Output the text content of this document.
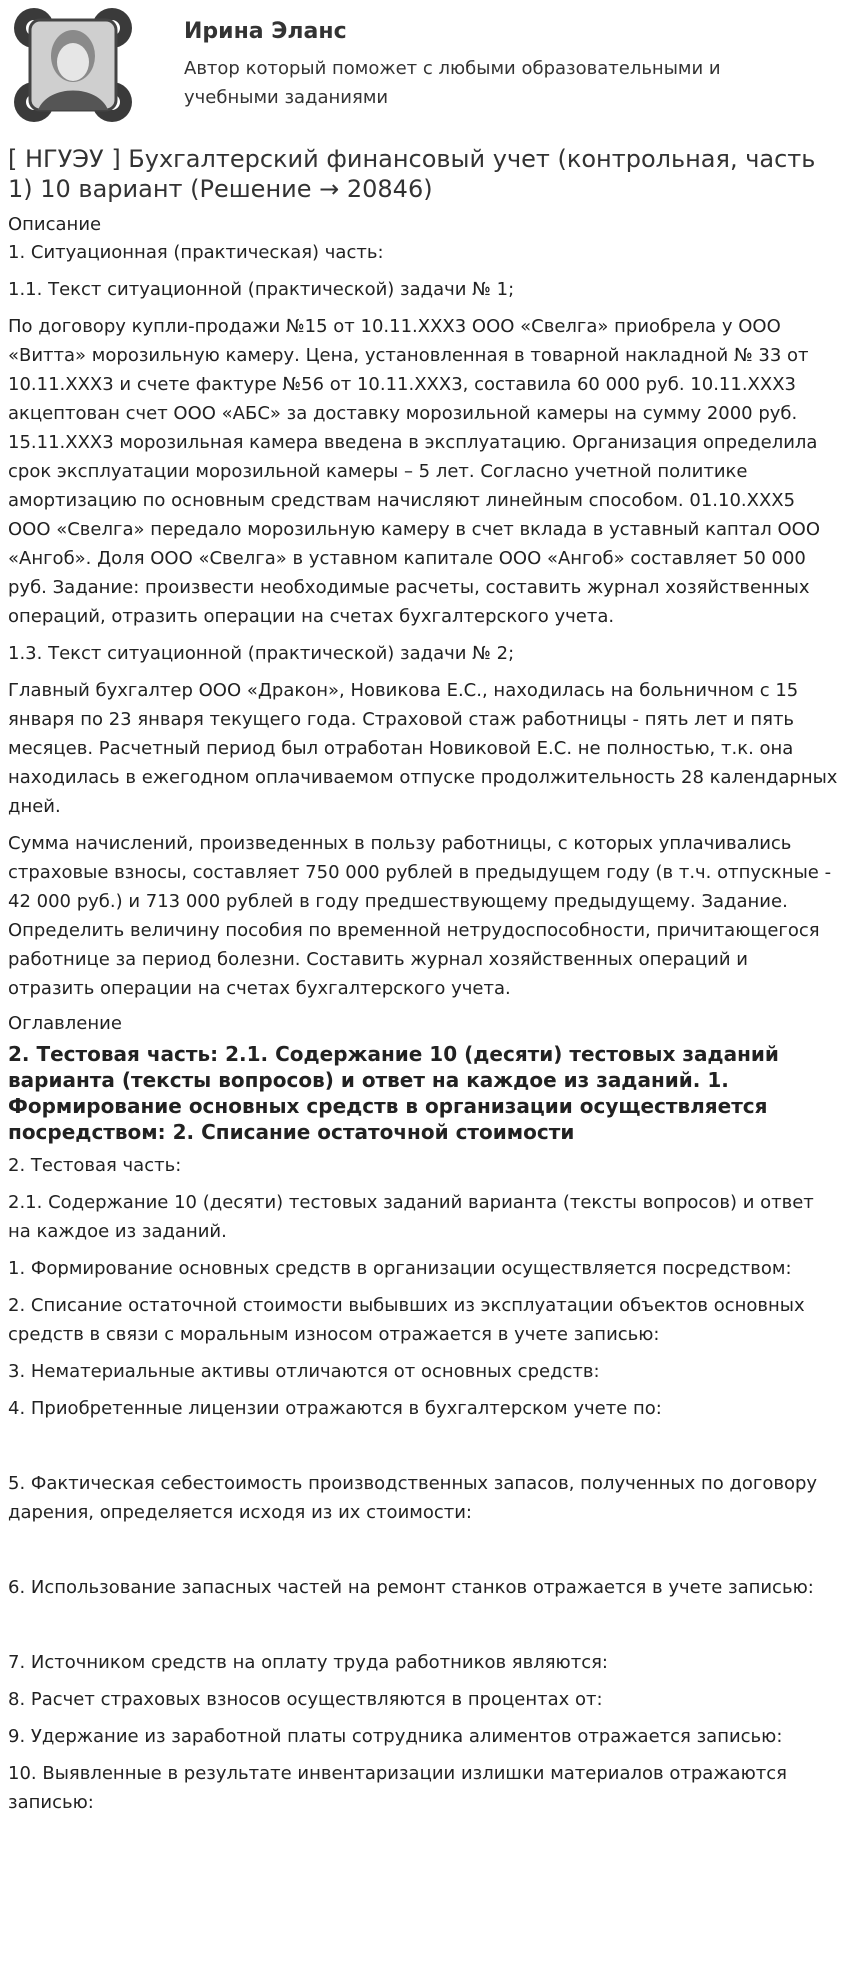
Ирина Эланс
Автор который поможет с любыми образовательными и учебными заданиями
[ НГУЭУ ] Бухгалтерский финансовый учет (контрольная, часть 1) 10 вариант (Решение → 20846)
Описание

1. Ситуационная (практическая) часть:

1.1. Текст ситуационной (практической) задачи № 1;

По договору купли-продажи №15 от 10.11.ХХХ3 ООО «Свелга» приобрела у ООО «Витта» морозильную камеру. Цена, установленная в товарной накладной № 33 от 10.11.ХХХ3 и счете фактуре №56 от 10.11.ХХХ3, составила 60 000 руб. 10.11.ХХХ3 акцептован счет ООО «АБС» за доставку морозильной камеры на сумму 2000 руб. 15.11.ХХХ3 морозильная камера введена в эксплуатацию. Организация определила срок эксплуатации морозильной камеры – 5 лет. Согласно учетной политике амортизацию по основным средствам начисляют линейным способом. 01.10.ХХХ5 ООО «Свелга» передало морозильную камеру в счет вклада в уставный каптал ООО «Ангоб». Доля ООО «Свелга» в уставном капитале ООО «Ангоб» составляет 50 000 руб. Задание: произвести необходимые расчеты, составить журнал хозяйственных операций, отразить операции на счетах бухгалтерского учета.

1.3. Текст ситуационной (практической) задачи № 2;

Главный бухгалтер ООО «Дракон», Новикова Е.С., находилась на больничном с 15 января по 23 января текущего года. Страховой стаж работницы - пять лет и пять месяцев. Расчетный период был отработан Новиковой Е.С. не полностью, т.к. она находилась в ежегодном оплачиваемом отпуске продолжительность 28 календарных дней.

Сумма начислений, произведенных в пользу работницы, с которых уплачивались страховые взносы, составляет 750 000 рублей в предыдущем году (в т.ч. отпускные - 42 000 руб.) и 713 000 рублей в году предшествующему предыдущему. Задание. Определить величину пособия по временной нетрудоспособности, причитающегося работнице за период болезни. Составить журнал хозяйственных операций и отразить операции на счетах бухгалтерского учета.

Оглавление
2. Тестовая часть: 2.1. Содержание 10 (десяти) тестовых заданий варианта (тексты вопросов) и ответ на каждое из заданий. 1. Формирование основных средств в организации осуществляется посредством: 2. Списание остаточной стоимости

2. Тестовая часть:

2.1. Содержание 10 (десяти) тестовых заданий варианта (тексты вопросов) и ответ на каждое из заданий.

1. Формирование основных средств в организации осуществляется посредством:

2. Списание остаточной стоимости выбывших из эксплуатации объектов основных средств в связи с моральным износом отражается в учете записью:

3. Нематериальные активы отличаются от основных средств:

4. Приобретенные лицензии отражаются в бухгалтерском учете по:

5. Фактическая себестоимость производственных запасов, полученных по договору дарения, определяется исходя из их стоимости:

6. Использование запасных частей на ремонт станков отражается в учете записью:

7. Источником средств на оплату труда работников являются:

8. Расчет страховых взносов осуществляются в процентах от:

9. Удержание из заработной платы сотрудника алиментов отражается записью:

10. Выявленные в результате инвентаризации излишки материалов отражаются записью:
